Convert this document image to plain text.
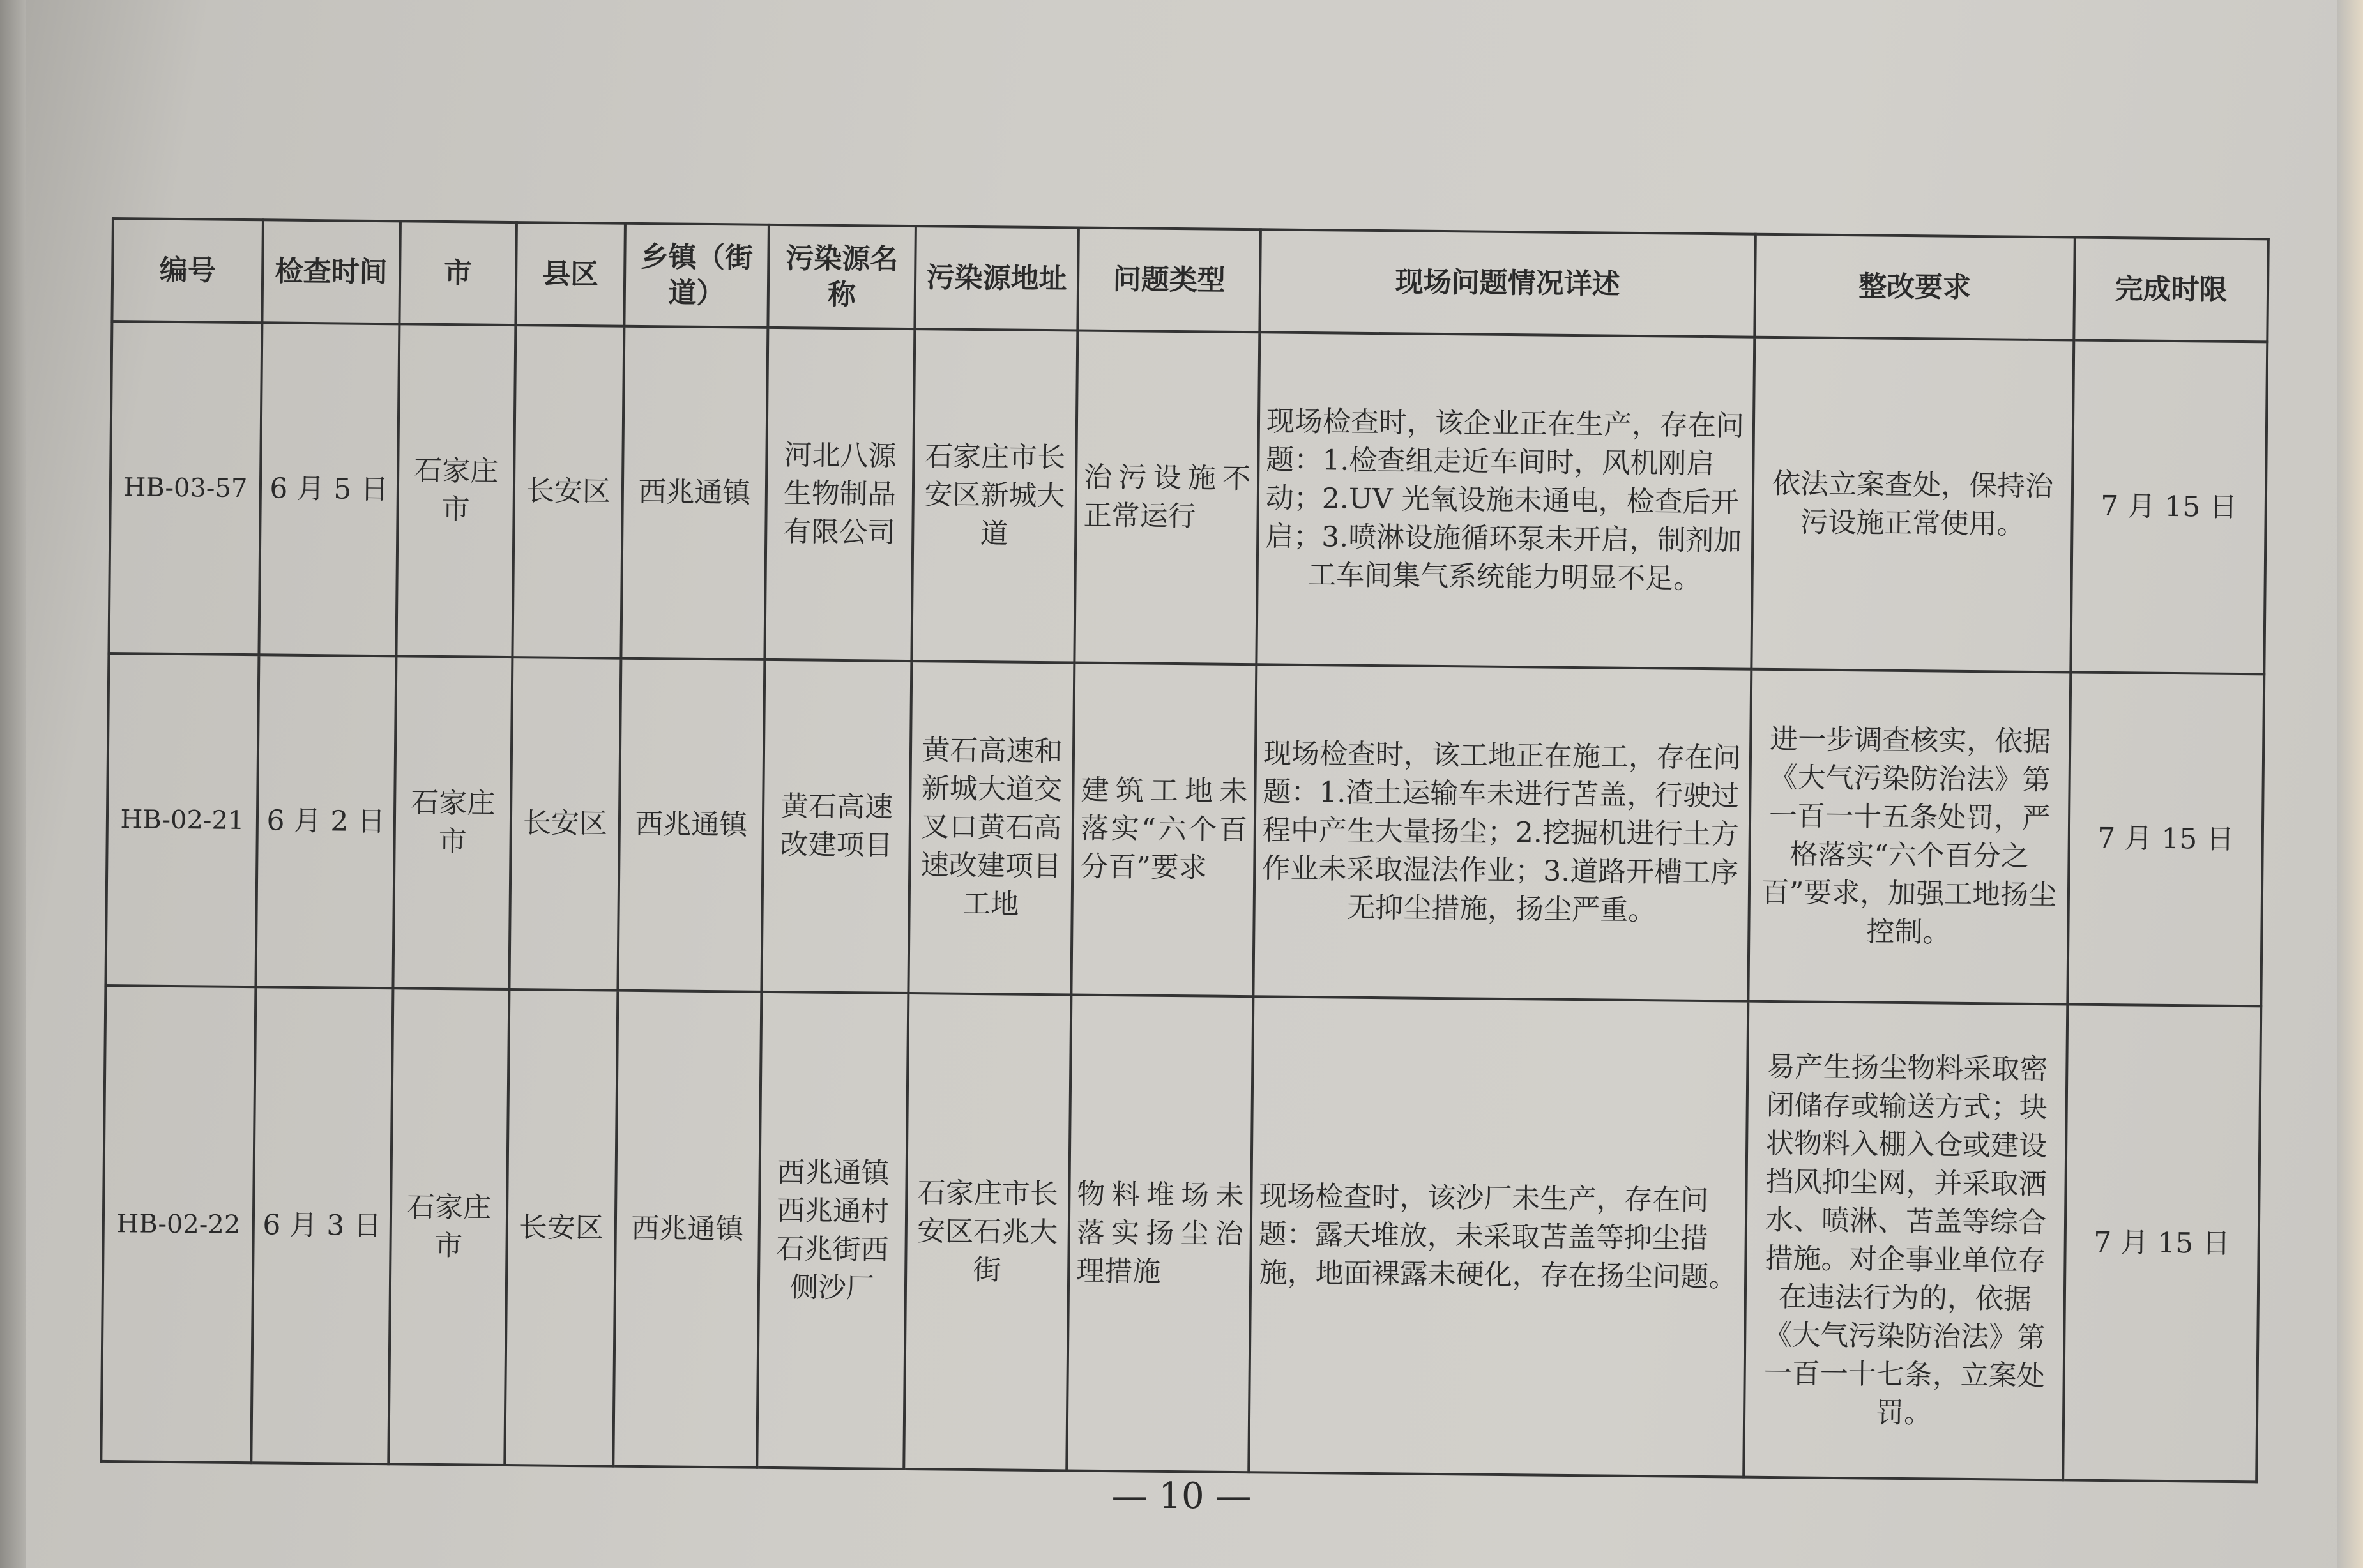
编号	检查时间	市	县区	乡镇（街道）	污染源名称	污染源地址	问题类型	现场问题情况详述	整改要求	完成时限
HB-03-57	6 月 5 日	石家庄市	长安区	西兆通镇	河北八源生物制品有限公司	石家庄市长安区新城大道	治污设施不正常运行	现场检查时，该企业正在生产，存在问题：1.检查组走近车间时，风机刚启动；2.UV 光氧设施未通电，检查后开启；3.喷淋设施循环泵未开启，制剂加工车间集气系统能力明显不足。	依法立案查处，保持治污设施正常使用。	7 月 15 日
HB-02-21	6 月 2 日	石家庄市	长安区	西兆通镇	黄石高速改建项目	黄石高速和新城大道交叉口黄石高速改建项目工地	建筑工地未落实“六个百分百”要求	现场检查时，该工地正在施工，存在问题：1.渣土运输车未进行苫盖，行驶过程中产生大量扬尘；2.挖掘机进行土方作业未采取湿法作业；3.道路开槽工序无抑尘措施，扬尘严重。	进一步调查核实，依据《大气污染防治法》第一百一十五条处罚，严格落实“六个百分之百”要求，加强工地扬尘控制。	7 月 15 日
HB-02-22	6 月 3 日	石家庄市	长安区	西兆通镇	西兆通镇西兆通村石兆街西侧沙厂	石家庄市长安区石兆大街	物料堆场未落实扬尘治理措施	现场检查时，该沙厂未生产，存在问题：露天堆放，未采取苫盖等抑尘措施，地面裸露未硬化，存在扬尘问题。	易产生扬尘物料采取密闭储存或输送方式；块状物料入棚入仓或建设挡风抑尘网，并采取洒水、喷淋、苫盖等综合措施。对企事业单位存在违法行为的，依据《大气污染防治法》第一百一十七条，立案处罚。	7 月 15 日
— 10 —
